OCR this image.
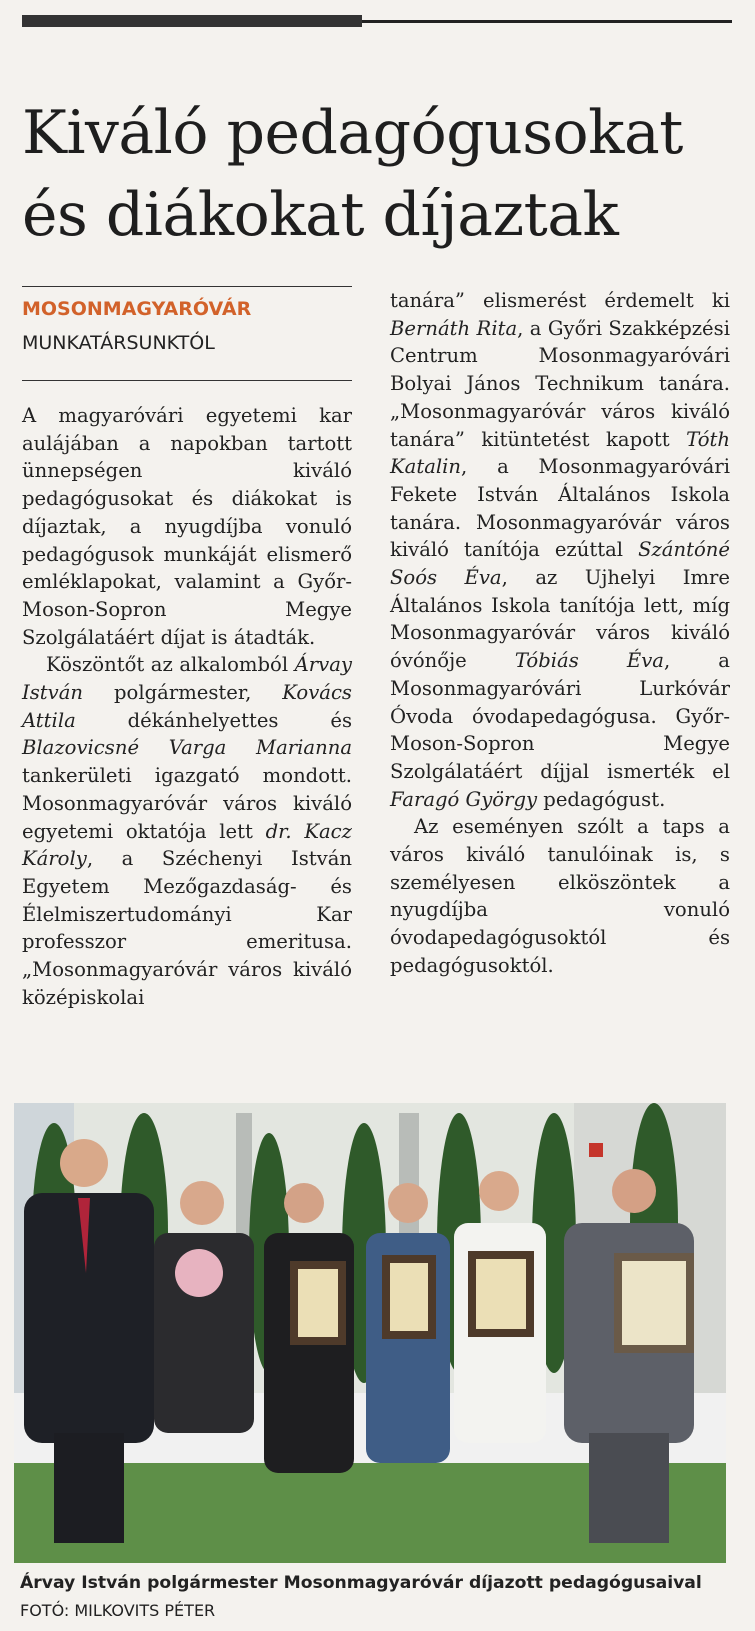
Kiváló pedagógusokat
és diákokat díjaztak
MOSONMAGYARÓVÁR
MUNKATÁRSUNKTÓL

A magyaróvári egyetemi kar aulájában a napokban tartott ünnepségen kiváló pedagógusokat és diákokat is díjaztak, a nyugdíjba vonuló pedagógusok munkáját elismerő emléklapokat, valamint a Győr-Moson-Sopron Megye Szolgálatáért díjat is átadták.

Köszöntőt az alkalomból Árvay István polgármester, Kovács Attila dékánhelyettes és Blazovicsné Varga Marianna tankerületi igazgató mondott. Mosonmagyaróvár város kiváló egyetemi oktatója lett dr. Kacz Károly, a Széchenyi István Egyetem Mezőgazdaság- és Élelmiszertudományi Kar professzor emeritusa. „Mosonmagyaróvár város kiváló középiskolai

tanára” elismerést érdemelt ki Bernáth Rita, a Győri Szakképzési Centrum Mosonmagyaróvári Bolyai János Technikum tanára. „Mosonmagyaróvár város kiváló tanára” kitüntetést kapott Tóth Katalin, a Mosonmagyaróvári Fekete István Általános Iskola tanára. Mosonmagyaróvár város kiváló tanítója ezúttal Szántóné Soós Éva, az Ujhelyi Imre Általános Iskola tanítója lett, míg Mosonmagyaróvár város kiváló óvónője Tóbiás Éva, a Mosonmagyaróvári Lurkóvár Óvoda óvodapedagógusa. Győr-Moson-Sopron Megye Szolgálatáért díjjal ismerték el Faragó György pedagógust.

Az eseményen szólt a taps a város kiváló tanulóinak is, s személyesen elköszöntek a nyugdíjba vonuló óvodapedagógusoktól és pedagógusoktól.

Árvay István polgármester Mosonmagyaróvár díjazott pedagógusaival
FOTÓ: MILKOVITS PÉTER
